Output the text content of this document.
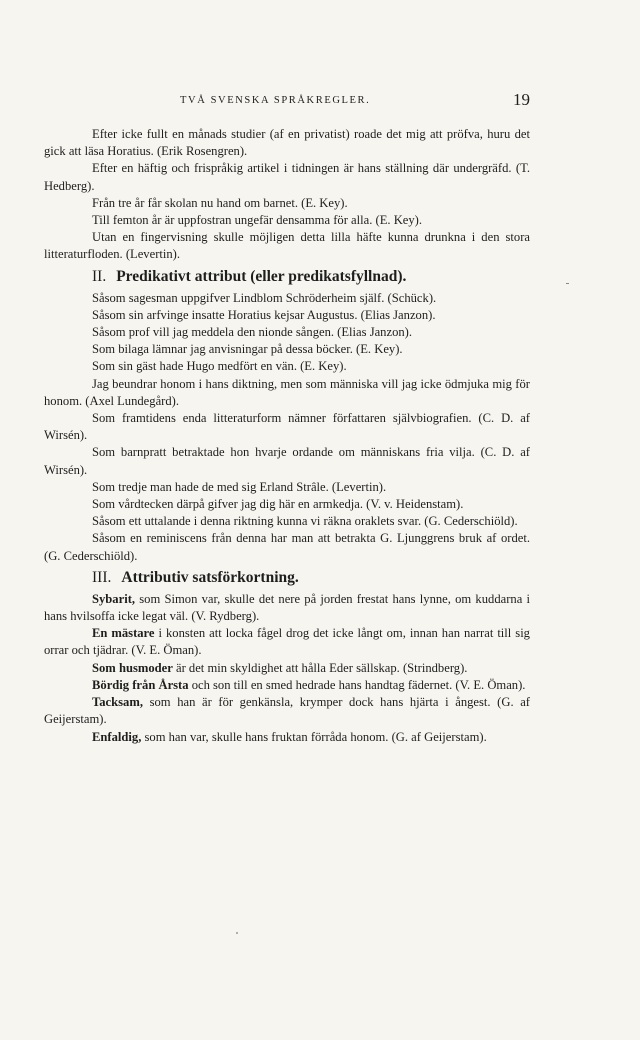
TVÅ SVENSKA SPRÅKREGLER.	19

Efter icke fullt en månads studier (af en privatist) roade det mig att pröfva, huru det gick att läsa Horatius. (Erik Rosengren).

Efter en häftig och frispråkig artikel i tidningen är hans ställning där undergräfd. (T. Hedberg).

Från tre år får skolan nu hand om barnet. (E. Key).

Till femton år är uppfostran ungefär densamma för alla. (E. Key).

Utan en fingervisning skulle möjligen detta lilla häfte kunna drunkna i den stora litteraturfloden. (Levertin).

II. Predikativt attribut (eller predikatsfyllnad).

Såsom sagesman uppgifver Lindblom Schröderheim själf. (Schück).

Såsom sin arfvinge insatte Horatius kejsar Augustus. (Elias Janzon).

Såsom prof vill jag meddela den nionde sången. (Elias Janzon).

Som bilaga lämnar jag anvisningar på dessa böcker. (E. Key).

Som sin gäst hade Hugo medfört en vän. (E. Key).

Jag beundrar honom i hans diktning, men som människa vill jag icke ödmjuka mig för honom. (Axel Lundegård).

Som framtidens enda litteraturform nämner författaren självbiografien. (C. D. af Wirsén).

Som barnpratt betraktade hon hvarje ordande om människans fria vilja. (C. D. af Wirsén).

Som tredje man hade de med sig Erland Strâle. (Levertin).

Som vårdtecken därpå gifver jag dig här en armkedja. (V. v. Heidenstam).

Såsom ett uttalande i denna riktning kunna vi räkna oraklets svar. (G. Cederschiöld).

Såsom en reminiscens från denna har man att betrakta G. Ljunggrens bruk af ordet. (G. Cederschiöld).

III. Attributiv satsförkortning.

Sybarit, som Simon var, skulle det nere på jorden frestat hans lynne, om kuddarna i hans hvilsoffa icke legat väl. (V. Rydberg).

En mästare i konsten att locka fågel drog det icke långt om, innan han narrat till sig orrar och tjädrar. (V. E. Öman).

Som husmoder är det min skyldighet att hålla Eder sällskap. (Strindberg).

Bördig från Årsta och son till en smed hedrade hans handtag fädernet. (V. E. Öman).

Tacksam, som han är för genkänsla, krymper dock hans hjärta i ångest. (G. af Geijerstam).

Enfaldig, som han var, skulle hans fruktan förråda honom. (G. af Geijerstam).
